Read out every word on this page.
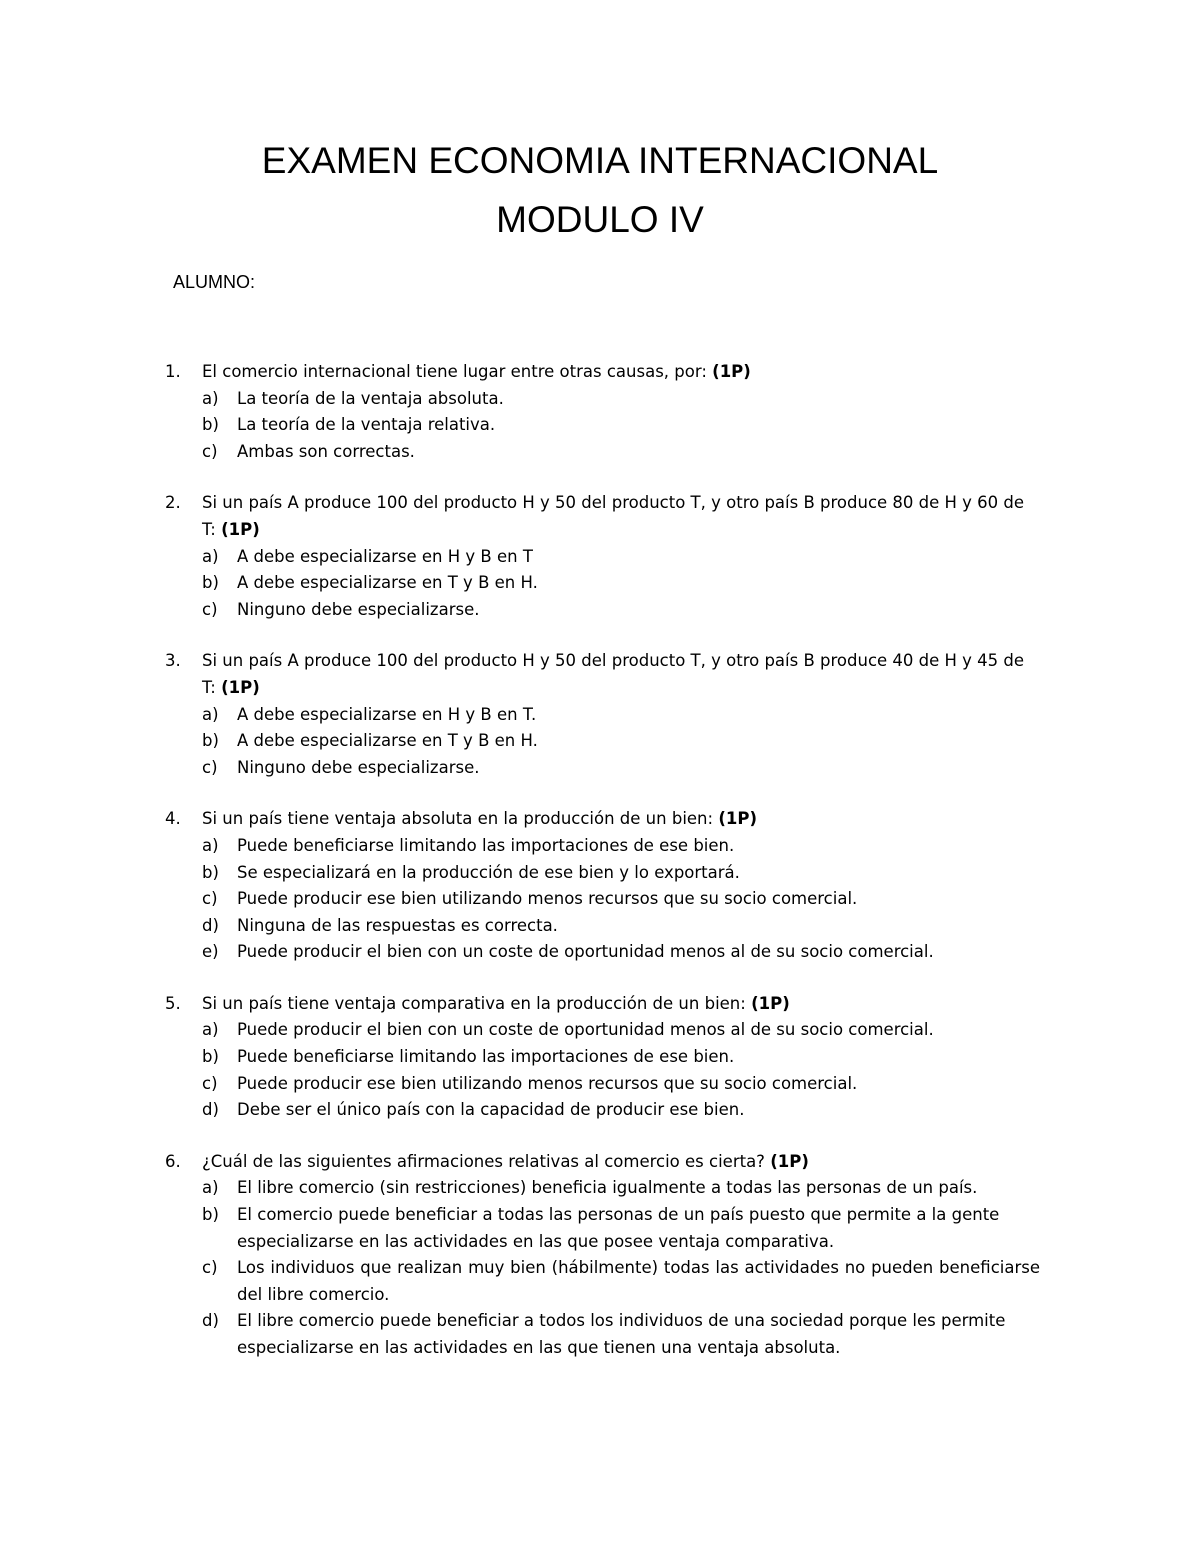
EXAMEN ECONOMIA INTERNACIONAL
MODULO IV
ALUMNO:
1. El comercio internacional tiene lugar entre otras causas, por: (1P)
a) La teoría de la ventaja absoluta.
b) La teoría de la ventaja relativa.
c) Ambas son correctas.
2. Si un país A produce 100 del producto H y 50 del producto T, y otro país B produce 80 de H y 60 de T: (1P)
a) A debe especializarse en H y B en T
b) A debe especializarse en T y B en H.
c) Ninguno debe especializarse.
3. Si un país A produce 100 del producto H y 50 del producto T, y otro país B produce 40 de H y 45 de T: (1P)
a) A debe especializarse en H y B en T.
b) A debe especializarse en T y B en H.
c) Ninguno debe especializarse.
4. Si un país tiene ventaja absoluta en la producción de un bien: (1P)
a) Puede beneficiarse limitando las importaciones de ese bien.
b) Se especializará en la producción de ese bien y lo exportará.
c) Puede producir ese bien utilizando menos recursos que su socio comercial.
d) Ninguna de las respuestas es correcta.
e) Puede producir el bien con un coste de oportunidad menos al de su socio comercial.
5. Si un país tiene ventaja comparativa en la producción de un bien: (1P)
a) Puede producir el bien con un coste de oportunidad menos al de su socio comercial.
b) Puede beneficiarse limitando las importaciones de ese bien.
c) Puede producir ese bien utilizando menos recursos que su socio comercial.
d) Debe ser el único país con la capacidad de producir ese bien.
6. ¿Cuál de las siguientes afirmaciones relativas al comercio es cierta? (1P)
a) El libre comercio (sin restricciones) beneficia igualmente a todas las personas de un país.
b) El comercio puede beneficiar a todas las personas de un país puesto que permite a la gente especializarse en las actividades en las que posee ventaja comparativa.
c) Los individuos que realizan muy bien (hábilmente) todas las actividades no pueden beneficiarse del libre comercio.
d) El libre comercio puede beneficiar a todos los individuos de una sociedad porque les permite especializarse en las actividades en las que tienen una ventaja absoluta.
